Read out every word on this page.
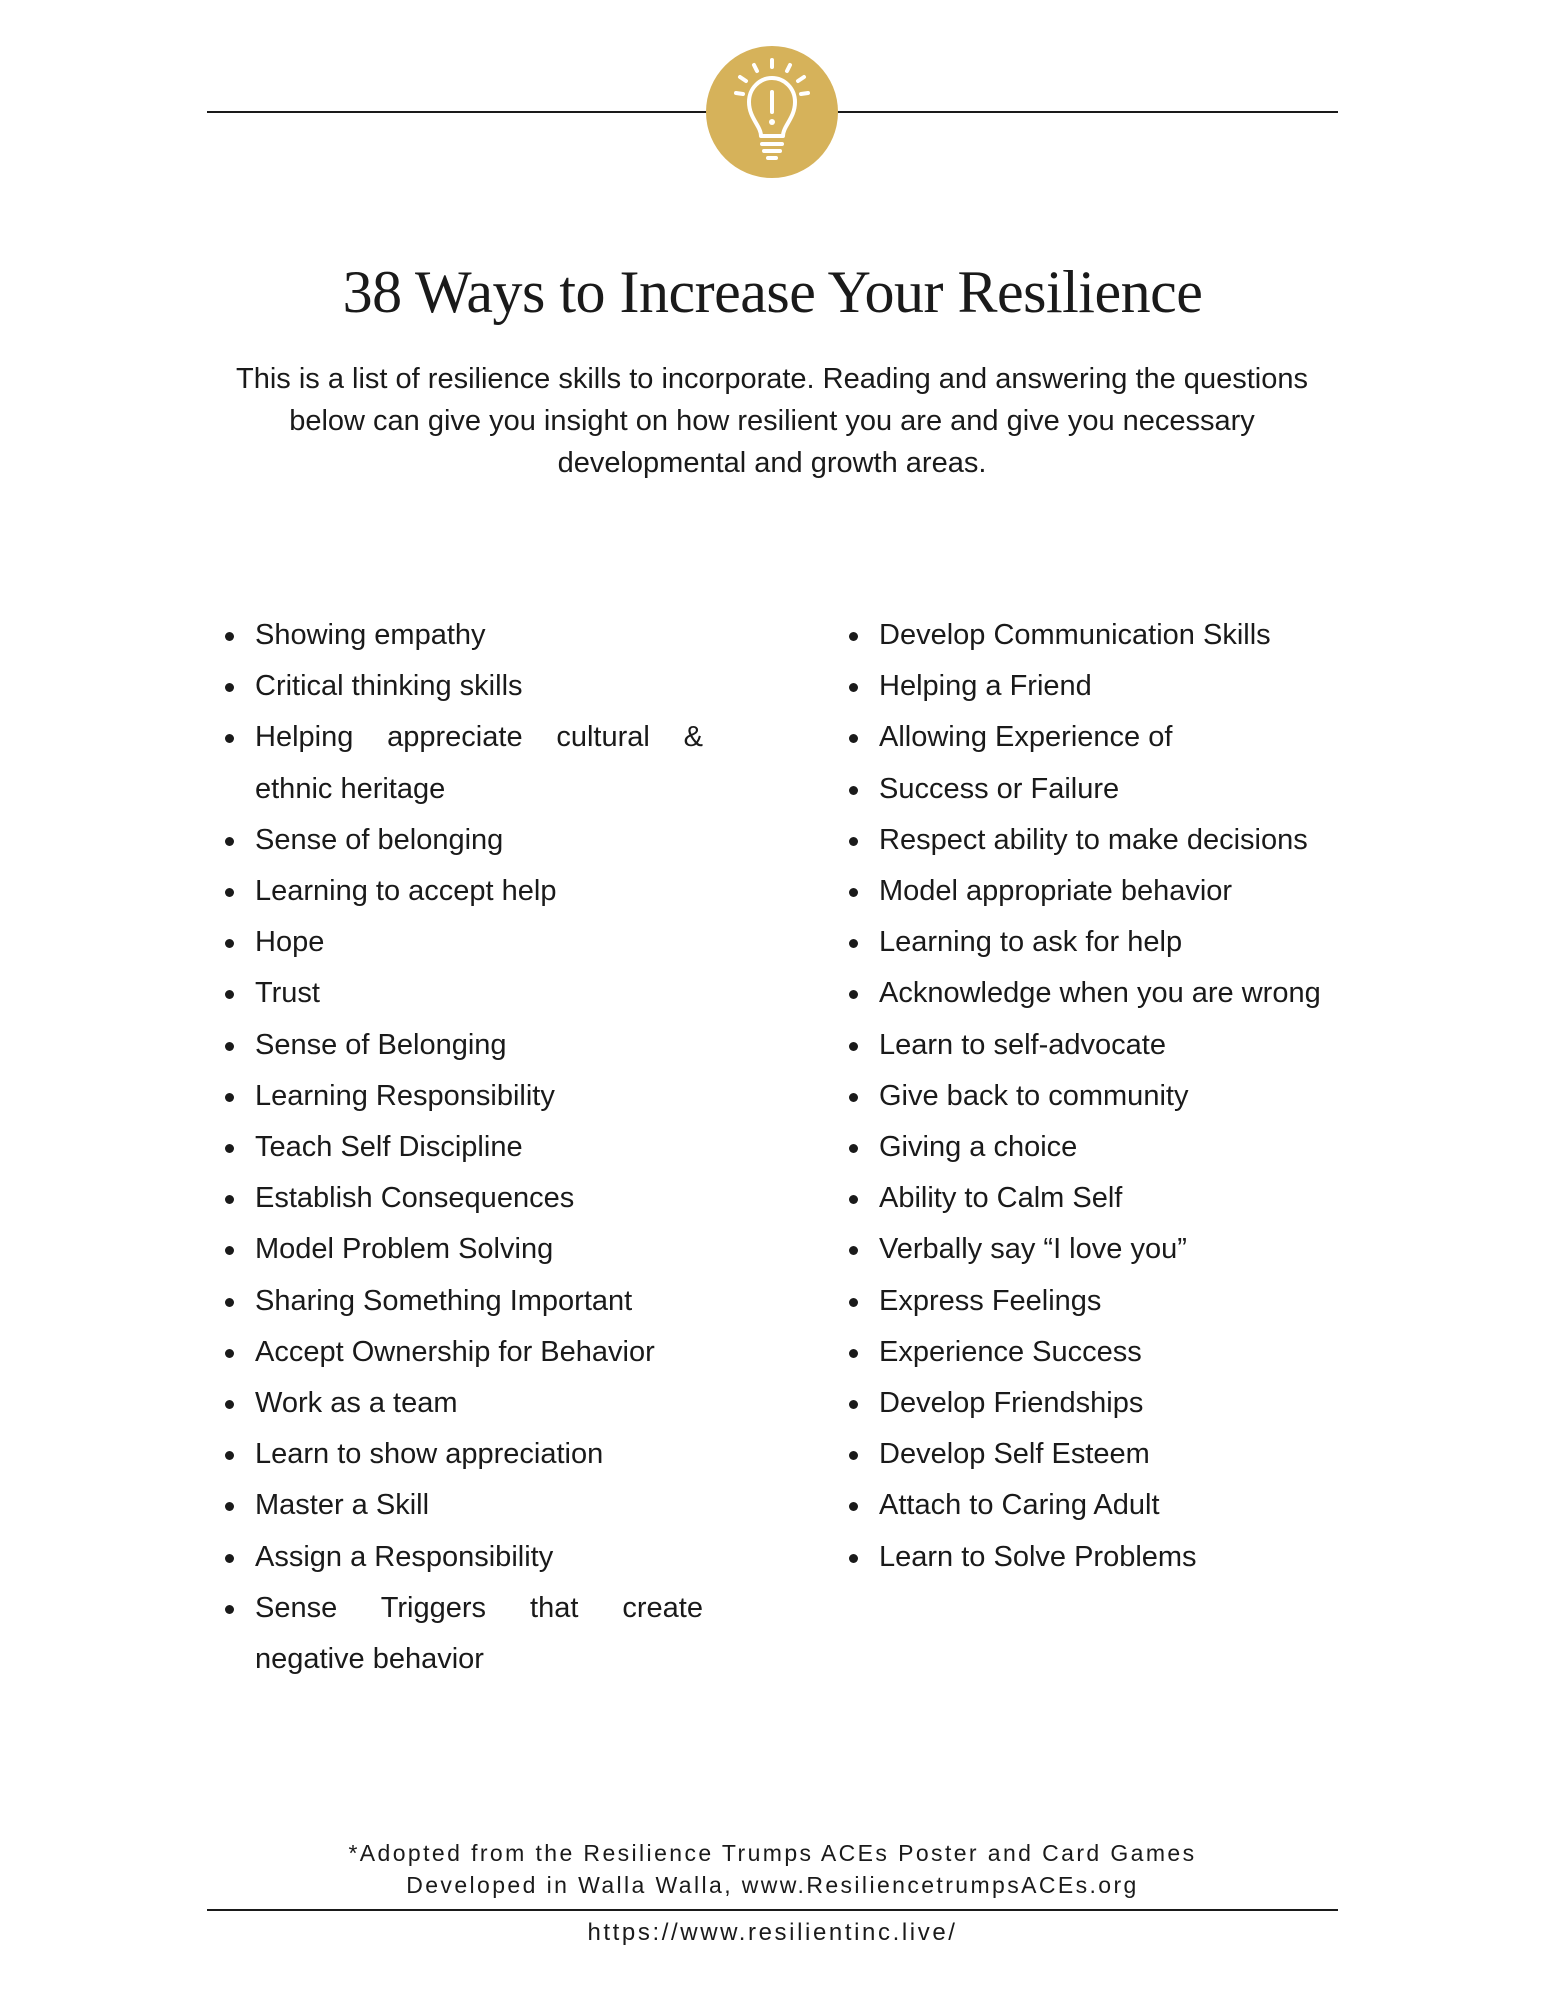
38 Ways to Increase Your Resilience

This is a list of resilience skills to incorporate. Reading and answering the questions below can give you insight on how resilient you are and give you necessary developmental and growth areas.

Showing empathy
Critical thinking skills
Helping appreciate cultural & ethnic heritage
Sense of belonging
Learning to accept help
Hope
Trust
Sense of Belonging
Learning Responsibility
Teach Self Discipline
Establish Consequences
Model Problem Solving
Sharing Something Important
Accept Ownership for Behavior
Work as a team
Learn to show appreciation
Master a Skill
Assign a Responsibility
Sense Triggers that create negative behavior
Develop Communication Skills
Helping a Friend
Allowing Experience of
Success or Failure
Respect ability to make decisions
Model appropriate behavior
Learning to ask for help
Acknowledge when you are wrong
Learn to self-advocate
Give back to community
Giving a choice
Ability to Calm Self
Verbally say “I love you”
Express Feelings
Experience Success
Develop Friendships
Develop Self Esteem
Attach to Caring Adult
Learn to Solve Problems
*Adopted from the Resilience Trumps ACEs Poster and Card Games
Developed in Walla Walla, www.ResiliencetrumpsACEs.org
https://www.resilientinc.live/
